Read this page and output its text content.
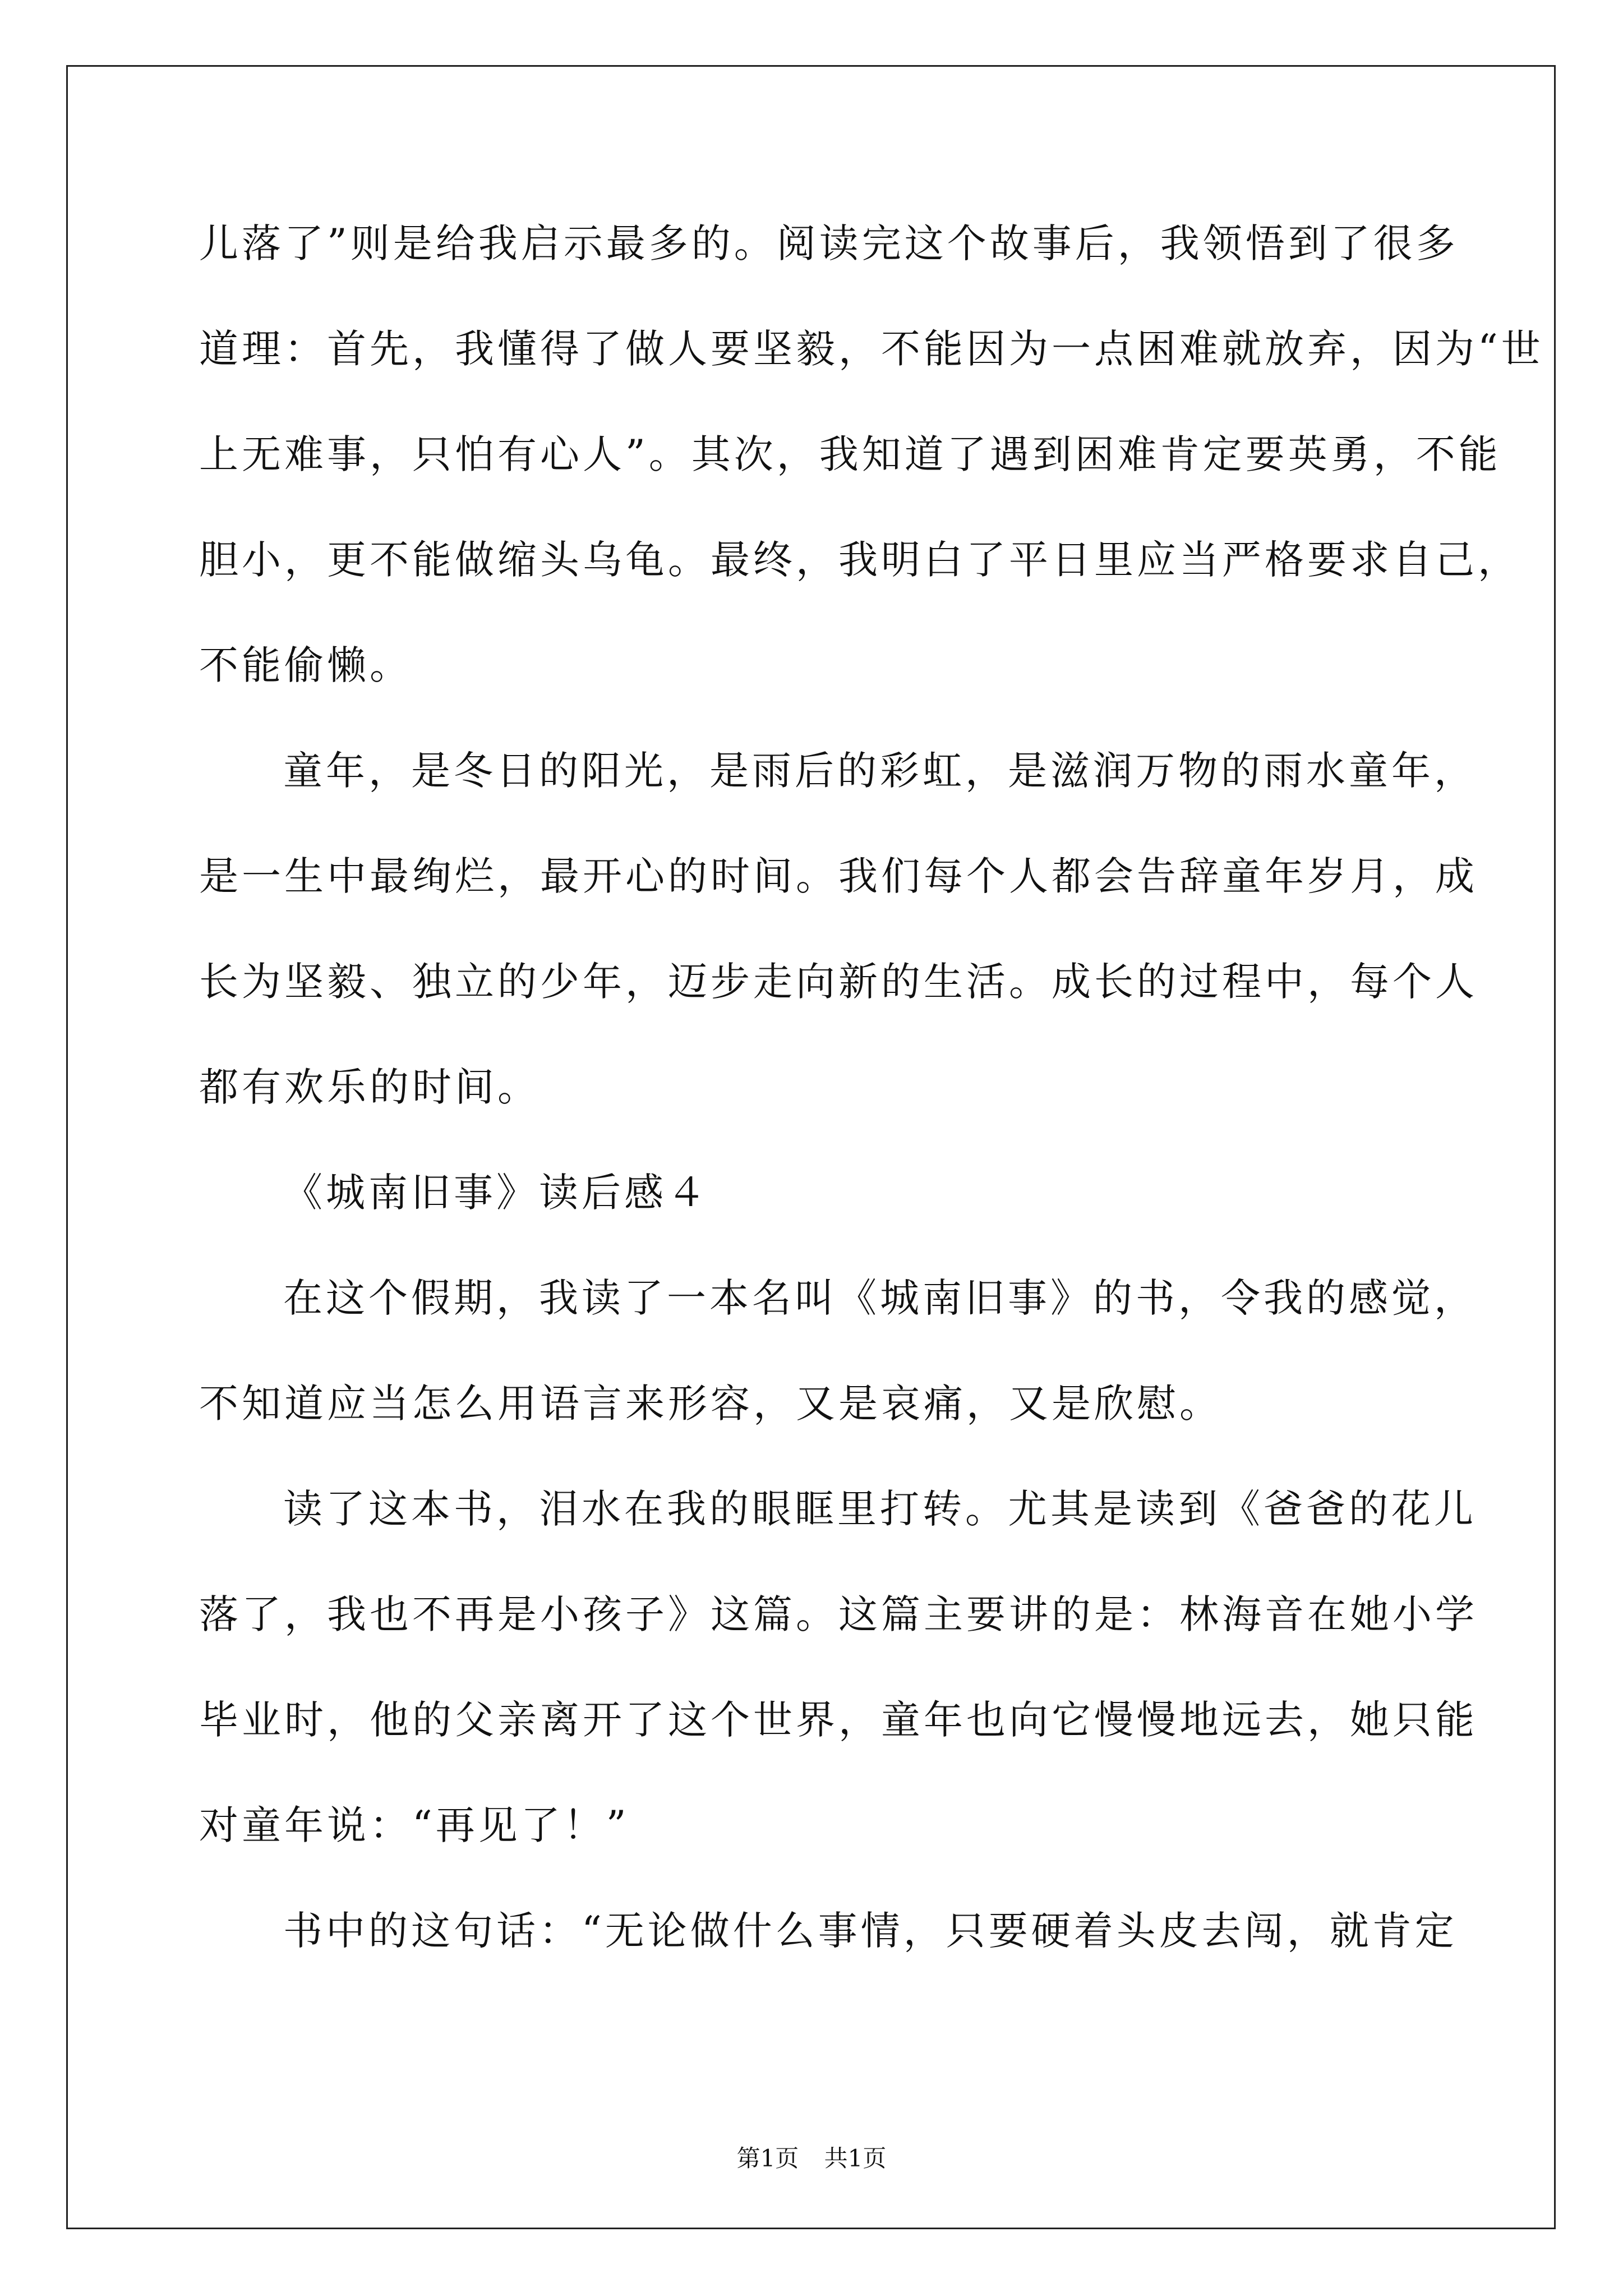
儿落了”则是给我启示最多的。阅读完这个故事后，我领悟到了很多
道理：首先，我懂得了做人要坚毅，不能因为一点困难就放弃，因为“世
上无难事，只怕有心人”。其次，我知道了遇到困难肯定要英勇，不能
胆小，更不能做缩头乌龟。最终，我明白了平日里应当严格要求自己，
不能偷懒。
童年，是冬日的阳光，是雨后的彩虹，是滋润万物的雨水童年，
是一生中最绚烂，最开心的时间。我们每个人都会告辞童年岁月，成
长为坚毅、独立的少年，迈步走向新的生活。成长的过程中，每个人
都有欢乐的时间。
《城南旧事》读后感４
在这个假期，我读了一本名叫《城南旧事》的书，令我的感觉，
不知道应当怎么用语言来形容，又是哀痛，又是欣慰。
读了这本书，泪水在我的眼眶里打转。尤其是读到《爸爸的花儿
落了，我也不再是小孩子》这篇。这篇主要讲的是：林海音在她小学
毕业时，他的父亲离开了这个世界，童年也向它慢慢地远去，她只能
对童年说：“再见了！”
书中的这句话：“无论做什么事情，只要硬着头皮去闯，就肯定
第1页 共1页
